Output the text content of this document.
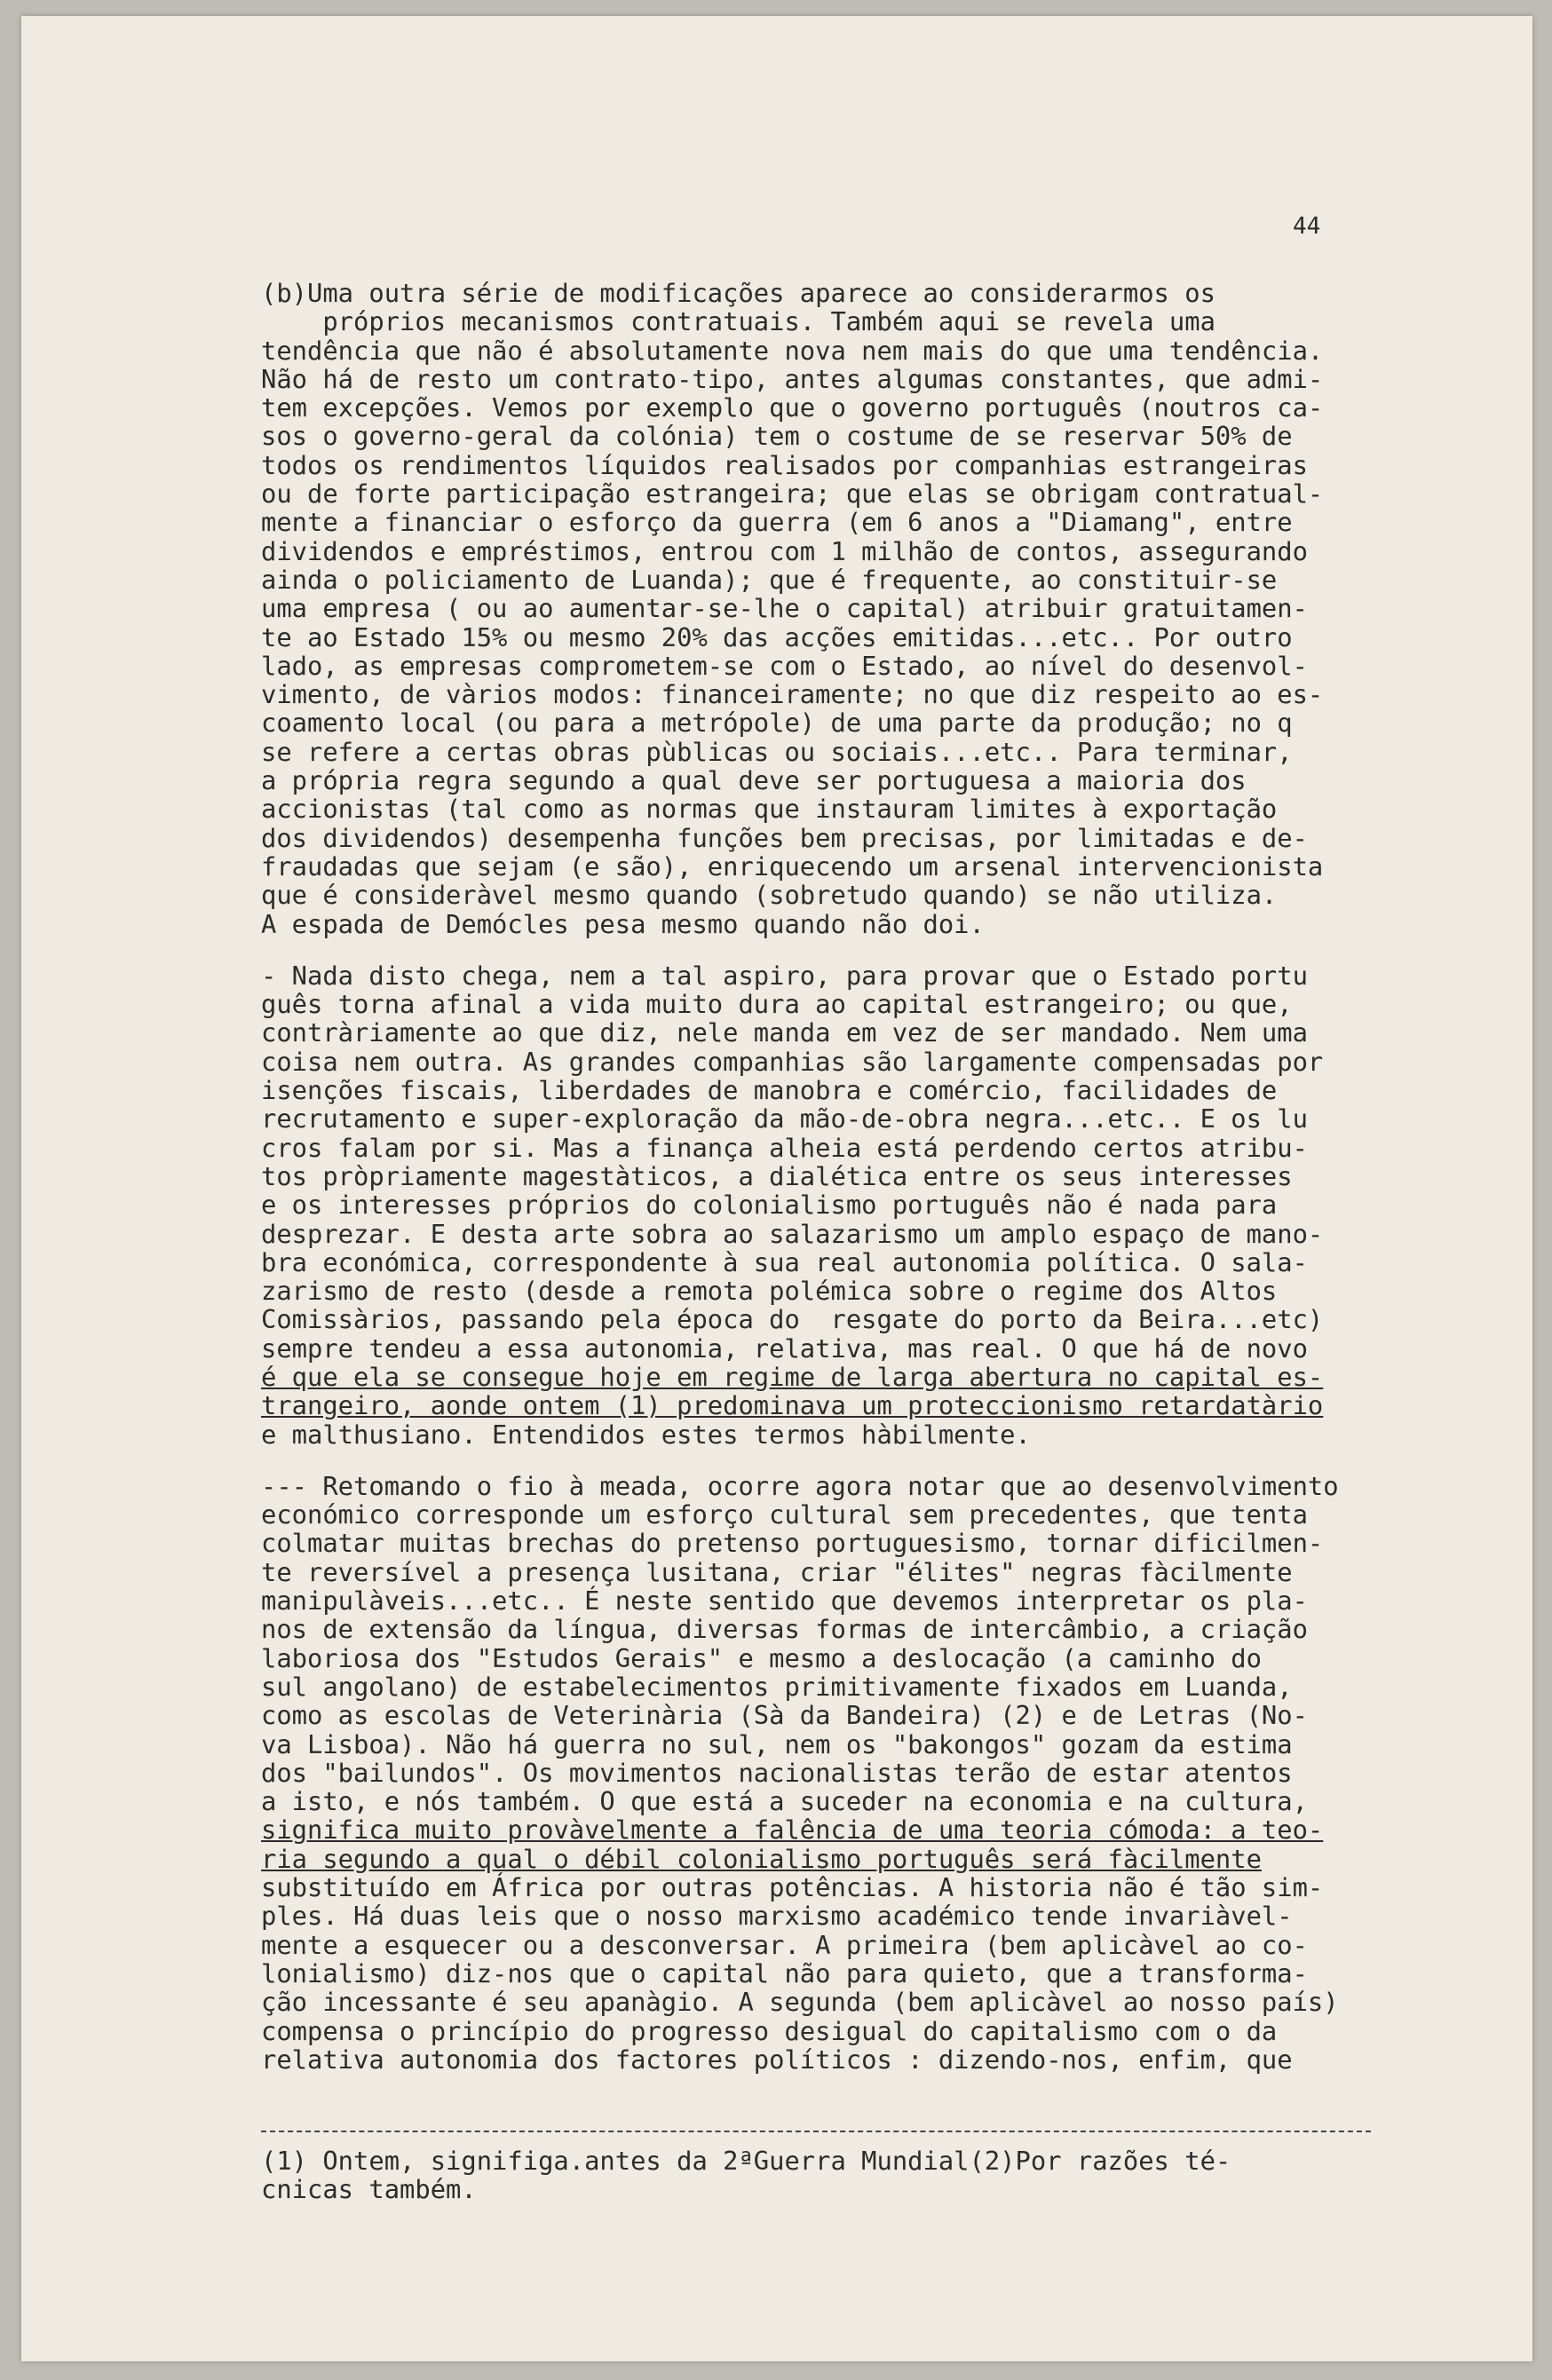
44
(b)Uma outra série de modificações aparece ao considerarmos os
próprios mecanismos contratuais. Também aqui se revela uma
tendência que não é absolutamente nova nem mais do que uma tendência.
Não há de resto um contrato-tipo, antes algumas constantes, que admi-
tem excepções. Vemos por exemplo que o governo português (noutros ca-
sos o governo-geral da colónia) tem o costume de se reservar 50% de
todos os rendimentos líquidos realisados por companhias estrangeiras
ou de forte participação estrangeira; que elas se obrigam contratual-
mente a financiar o esforço da guerra (em 6 anos a "Diamang", entre
dividendos e empréstimos, entrou com 1 milhão de contos, assegurando
ainda o policiamento de Luanda); que é frequente, ao constituir-se
uma empresa ( ou ao aumentar-se-lhe o capital) atribuir gratuitamen-
te ao Estado 15% ou mesmo 20% das acções emitidas...etc.. Por outro
lado, as empresas comprometem-se com o Estado, ao nível do desenvol-
vimento, de vàrios modos: financeiramente; no que diz respeito ao es-
coamento local (ou para a metrópole) de uma parte da produção; no q
se refere a certas obras pùblicas ou sociais...etc.. Para terminar,
a própria regra segundo a qual deve ser portuguesa a maioria dos
accionistas (tal como as normas que instauram limites à exportação
dos dividendos) desempenha funções bem precisas, por limitadas e de-
fraudadas que sejam (e são), enriquecendo um arsenal intervencionista
que é consideràvel mesmo quando (sobretudo quando) se não utiliza.
A espada de Demócles pesa mesmo quando não doi.
- Nada disto chega, nem a tal aspiro, para provar que o Estado portu
guês torna afinal a vida muito dura ao capital estrangeiro; ou que,
contràriamente ao que diz, nele manda em vez de ser mandado. Nem uma
coisa nem outra. As grandes companhias são largamente compensadas por
isenções fiscais, liberdades de manobra e comércio, facilidades de
recrutamento e super-exploração da mão-de-obra negra...etc.. E os lu
cros falam por si. Mas a finança alheia está perdendo certos atribu-
tos pròpriamente magestàticos, a dialética entre os seus interesses
e os interesses próprios do colonialismo português não é nada para
desprezar. E desta arte sobra ao salazarismo um amplo espaço de mano-
bra económica, correspondente à sua real autonomia política. O sala-
zarismo de resto (desde a remota polémica sobre o regime dos Altos
Comissàrios, passando pela época do  resgate do porto da Beira...etc)
sempre tendeu a essa autonomia, relativa, mas real. O que há de novo
é que ela se consegue hoje em regime de larga abertura no capital es-
trangeiro, aonde ontem (1) predominava um proteccionismo retardatàrio
e malthusiano. Entendidos estes termos hàbilmente.
--- Retomando o fio à meada, ocorre agora notar que ao desenvolvimento
económico corresponde um esforço cultural sem precedentes, que tenta
colmatar muitas brechas do pretenso portuguesismo, tornar dificilmen-
te reversível a presença lusitana, criar "élites" negras fàcilmente
manipulàveis...etc.. É neste sentido que devemos interpretar os pla-
nos de extensão da língua, diversas formas de intercâmbio, a criação
laboriosa dos "Estudos Gerais" e mesmo a deslocação (a caminho do
sul angolano) de estabelecimentos primitivamente fixados em Luanda,
como as escolas de Veterinària (Sà da Bandeira) (2) e de Letras (No-
va Lisboa). Não há guerra no sul, nem os "bakongos" gozam da estima
dos "bailundos". Os movimentos nacionalistas terão de estar atentos
a isto, e nós também. O que está a suceder na economia e na cultura,
significa muito provàvelmente a falência de uma teoria cómoda: a teo-
ria segundo a qual o débil colonialismo português será fàcilmente
substituído em África por outras potências. A historia não é tão sim-
ples. Há duas leis que o nosso marxismo académico tende invariàvel-
mente a esquecer ou a desconversar. A primeira (bem aplicàvel ao co-
lonialismo) diz-nos que o capital não para quieto, que a transforma-
ção incessante é seu apanàgio. A segunda (bem aplicàvel ao nosso país)
compensa o princípio do progresso desigual do capitalismo com o da
relativa autonomia dos factores políticos : dizendo-nos, enfim, que
(1) Ontem, signifiga.antes da 2ªGuerra Mundial(2)Por razões té-
cnicas também.
